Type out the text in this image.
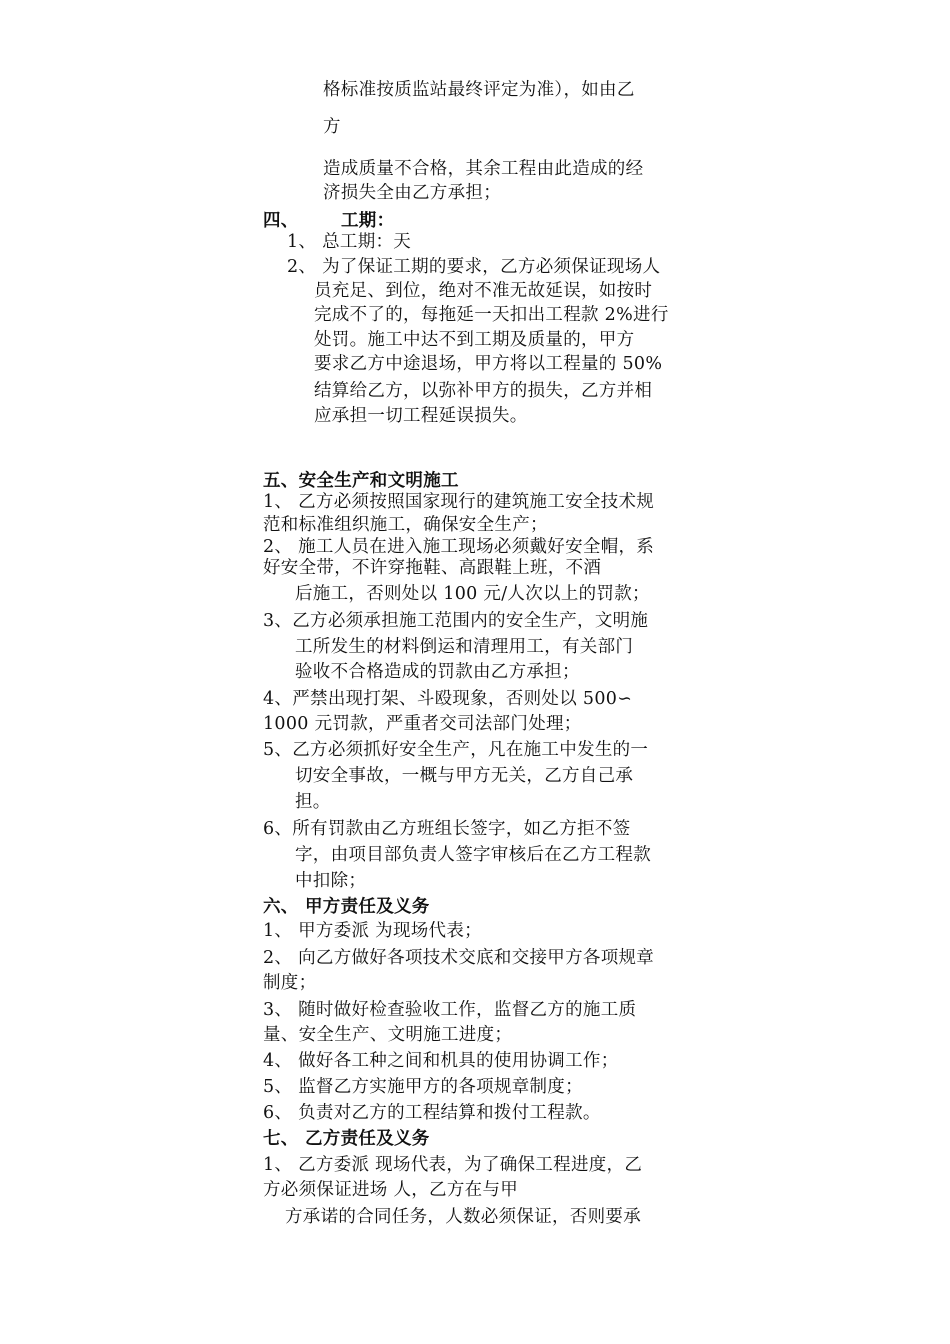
格标准按质监站最终评定为准），如由乙
方
造成质量不合格，其余工程由此造成的经
济损失全由乙方承担；
四、 工期：
1、 总工期：天
2、 为了保证工期的要求，乙方必须保证现场人
员充足、到位，绝对不准无故延误，如按时
完成不了的，每拖延一天扣出工程款 2%进行
处罚。施工中达不到工期及质量的，甲方
要求乙方中途退场，甲方将以工程量的 50%
结算给乙方，以弥补甲方的损失，乙方并相
应承担一切工程延误损失。
五、安全生产和文明施工
1、 乙方必须按照国家现行的建筑施工安全技术规
范和标准组织施工，确保安全生产；
2、 施工人员在进入施工现场必须戴好安全帽，系
好安全带，不许穿拖鞋、高跟鞋上班，不酒
后施工，否则处以 100 元/人次以上的罚款；
3、乙方必须承担施工范围内的安全生产，文明施
工所发生的材料倒运和清理用工，有关部门
验收不合格造成的罚款由乙方承担；
4、严禁出现打架、斗殴现象，否则处以 500∽
1000 元罚款，严重者交司法部门处理；
5、乙方必须抓好安全生产，凡在施工中发生的一
切安全事故，一概与甲方无关，乙方自己承
担。
6、所有罚款由乙方班组长签字，如乙方拒不签
字，由项目部负责人签字审核后在乙方工程款
中扣除；
六、 甲方责任及义务
1、 甲方委派 为现场代表；
2、 向乙方做好各项技术交底和交接甲方各项规章
制度；
3、 随时做好检查验收工作，监督乙方的施工质
量、安全生产、文明施工进度；
4、 做好各工种之间和机具的使用协调工作；
5、 监督乙方实施甲方的各项规章制度；
6、 负责对乙方的工程结算和拨付工程款。
七、 乙方责任及义务
1、 乙方委派 现场代表，为了确保工程进度，乙
方必须保证进场 人，乙方在与甲
方承诺的合同任务，人数必须保证，否则要承
